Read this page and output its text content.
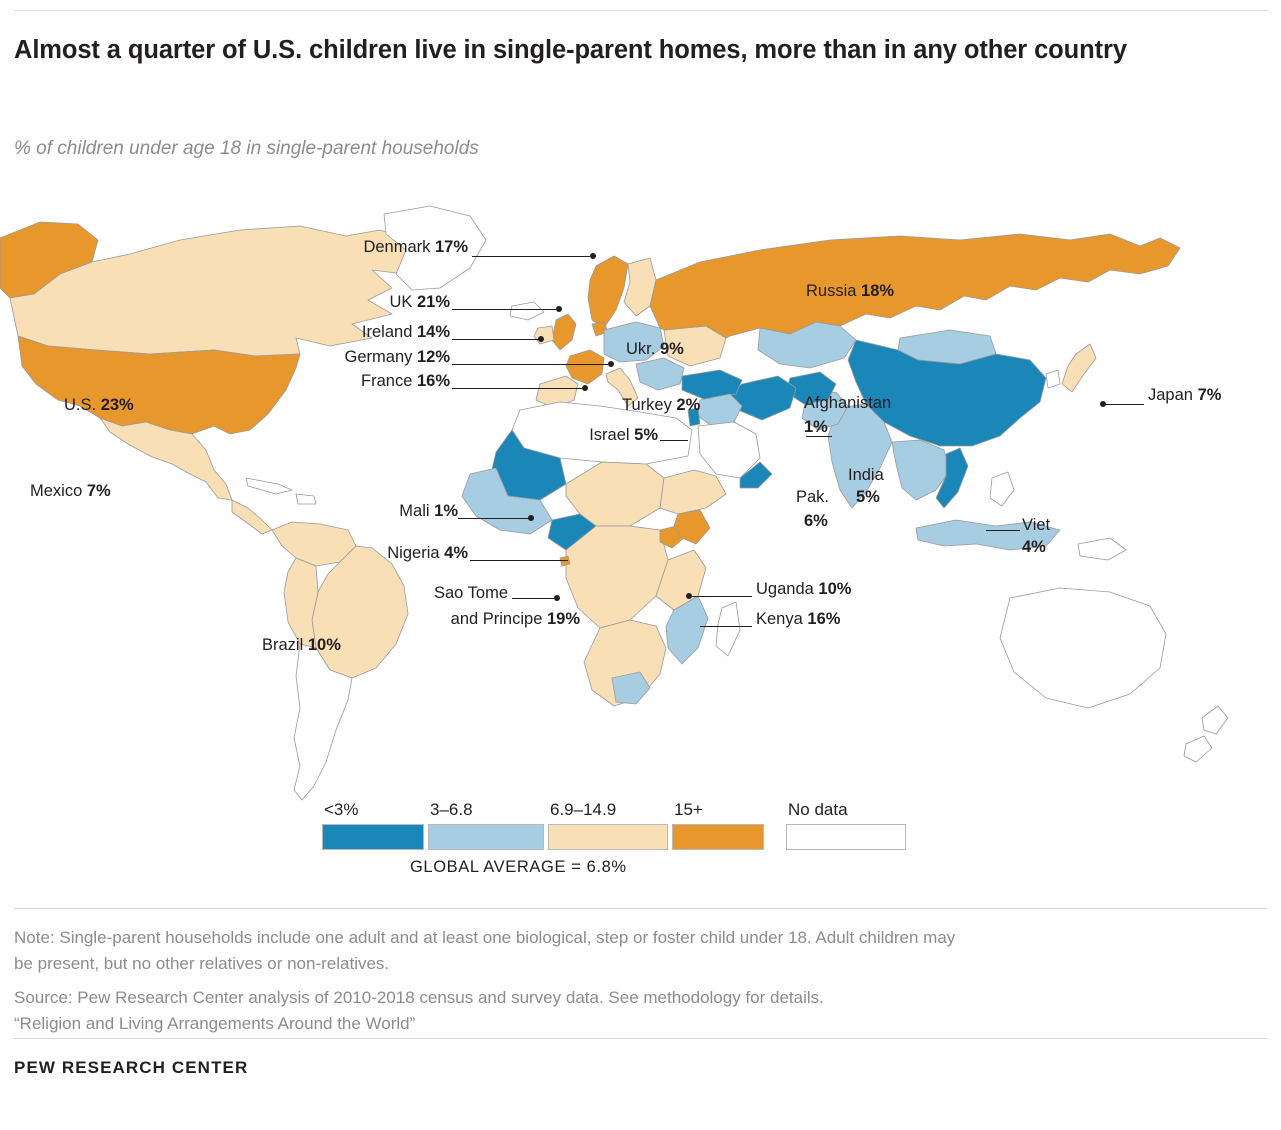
Almost a quarter of U.S. children live in single-parent homes, more than in any other country
% of children under age 18 in single-parent households
Denmark 17%
UK 21%
Ireland 14%
Germany 12%
France 16%
Russia 18%
Ukr. 9%
Turkey 2%
Israel 5%
Afghanistan
1%
Japan 7%
India
5%
Pak.
6%	Viet
4%
U.S. 23%
Mexico 7%
Mali 1%
Nigeria 4%
Sao Tome
and Principe 19%
Uganda 10%
Kenya 16%
Brazil 10%
<3%	3–6.8	6.9–14.9	15+	No data
GLOBAL AVERAGE = 6.8%
Note: Single-parent households include one adult and at least one biological, step or foster child under 18. Adult children may
be present, but no other relatives or non-relatives.
Source: Pew Research Center analysis of 2010-2018 census and survey data. See methodology for details.
“Religion and Living Arrangements Around the World”
PEW RESEARCH CENTER
